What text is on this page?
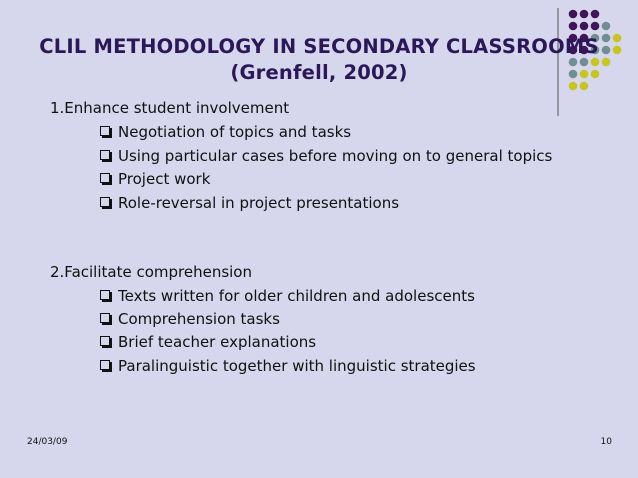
CLIL METHODOLOGY IN SECONDARY CLASSROOMS
(Grenfell, 2002)
1.Enhance student involvement
Negotiation of topics and tasks
Using particular cases before moving on to general topics
Project work
Role-reversal in project presentations
2.Facilitate comprehension
Texts written for older children and adolescents
Comprehension tasks
Brief teacher explanations
Paralinguistic together with linguistic strategies
24/03/09	10
